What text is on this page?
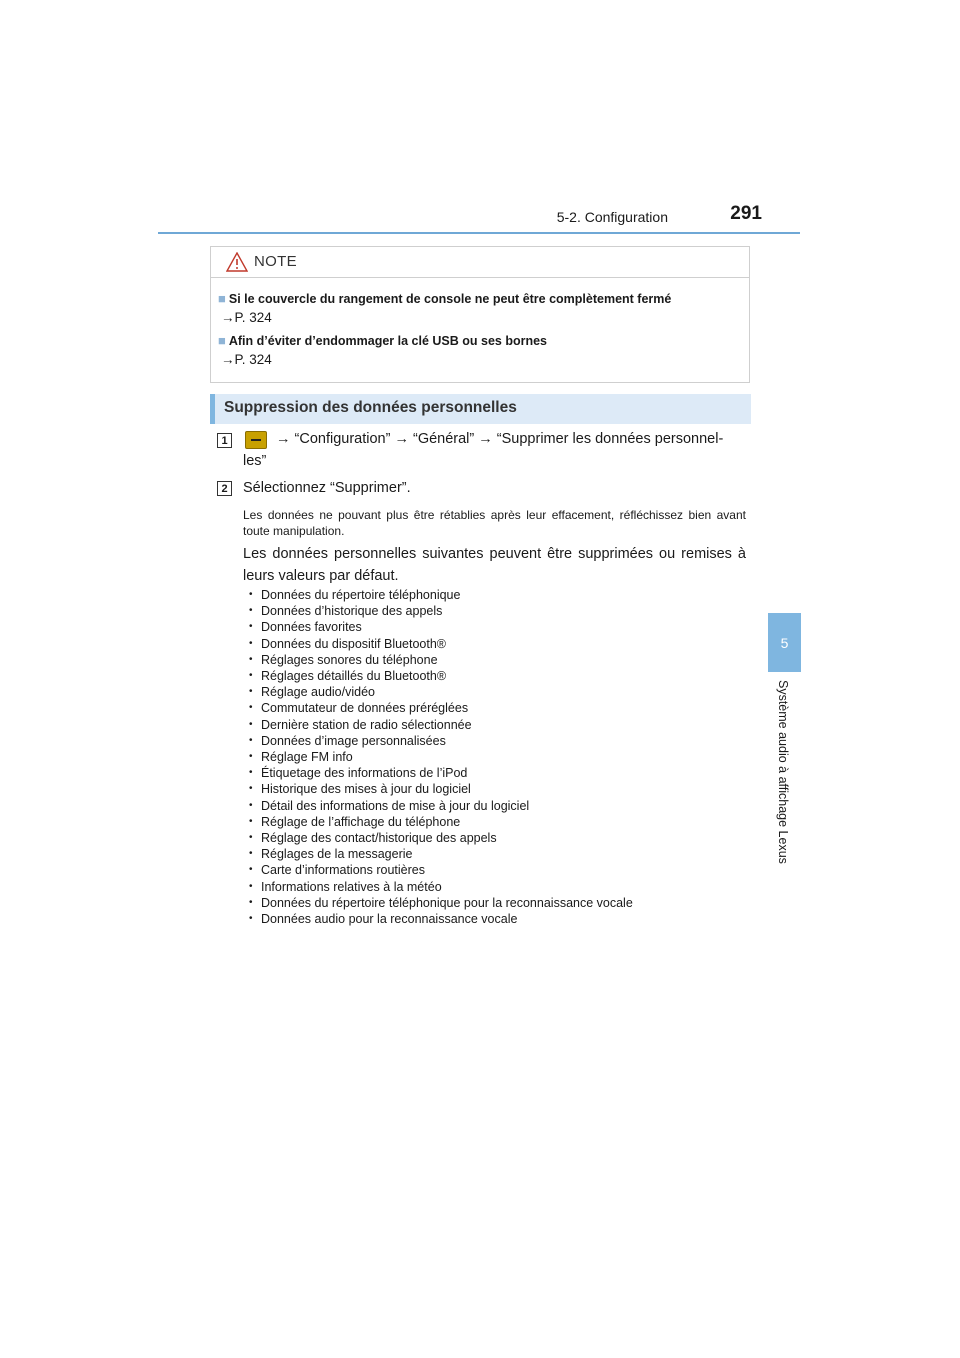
5-2. Configuration	291
5
Système audio à affichage Lexus
NOTE
■ Si le couvercle du rangement de console ne peut être complètement fermé
→P. 324
■ Afin d’éviter d’endommager la clé USB ou ses bornes
→P. 324
Suppression des données personnelles
1	→ “Configuration” → “Général” → “Supprimer les données personnel-
les”
2	Sélectionnez “Supprimer”.
Les données ne pouvant plus être rétablies après leur effacement, réfléchissez bien avant toute manipulation.
Les données personnelles suivantes peuvent être supprimées ou remises à leurs valeurs par défaut.
• Données du répertoire téléphonique
• Données d’historique des appels
• Données favorites
• Données du dispositif Bluetooth®
• Réglages sonores du téléphone
• Réglages détaillés du Bluetooth®
• Réglage audio/vidéo
• Commutateur de données préréglées
• Dernière station de radio sélectionnée
• Données d’image personnalisées
• Réglage FM info
• Étiquetage des informations de l’iPod
• Historique des mises à jour du logiciel
• Détail des informations de mise à jour du logiciel
• Réglage de l’affichage du téléphone
• Réglage des contact/historique des appels
• Réglages de la messagerie
• Carte d’informations routières
• Informations relatives à la météo
• Données du répertoire téléphonique pour la reconnaissance vocale
• Données audio pour la reconnaissance vocale
